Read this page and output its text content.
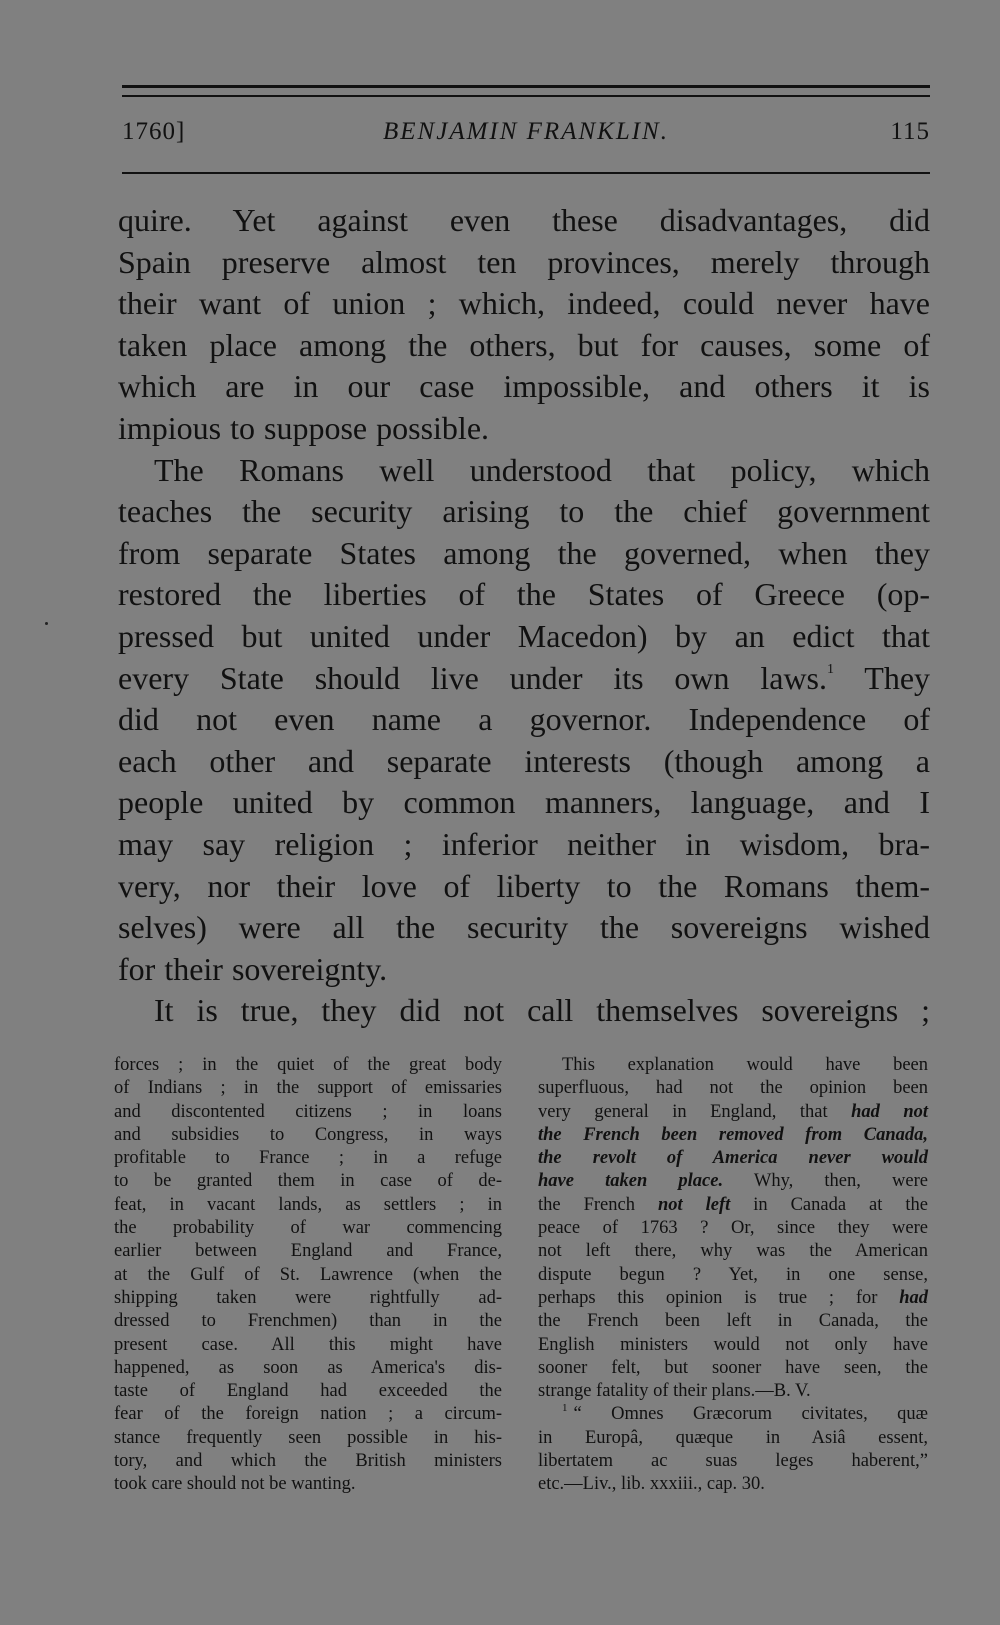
1760]	BENJAMIN FRANKLIN.	115
quire. Yet against even these disadvantages, did
Spain preserve almost ten provinces, merely through
their want of union ; which, indeed, could never have
taken place among the others, but for causes, some of
which are in our case impossible, and others it is
impious to suppose possible.
The Romans well understood that policy, which
teaches the security arising to the chief government
from separate States among the governed, when they
restored the liberties of the States of Greece (op-
pressed but united under Macedon) by an edict that
every State should live under its own laws.$^1$ They
did not even name a governor. Independence of
each other and separate interests (though among a
people united by common manners, language, and I
may say religion ; inferior neither in wisdom, bra-
very, nor their love of liberty to the Romans them-
selves) were all the security the sovereigns wished
for their sovereignty.
It is true, they did not call themselves sovereigns ;
forces ; in the quiet of the great body
of Indians ; in the support of emissaries
and discontented citizens ; in loans
and subsidies to Congress, in ways
profitable to France ; in a refuge
to be granted them in case of de-
feat, in vacant lands, as settlers ; in
the probability of war commencing
earlier between England and France,
at the Gulf of St. Lawrence (when the
shipping taken were rightfully ad-
dressed to Frenchmen) than in the
present case. All this might have
happened, as soon as America's dis-
taste of England had exceeded the
fear of the foreign nation ; a circum-
stance frequently seen possible in his-
tory, and which the British ministers
took care should not be wanting.
This explanation would have been
superfluous, had not the opinion been
very general in England, that had not
the French been removed from Canada,
the revolt of America never would
have taken place. Why, then, were
the French not left in Canada at the
peace of 1763 ? Or, since they were
not left there, why was the American
dispute begun ? Yet, in one sense,
perhaps this opinion is true ; for had
the French been left in Canada, the
English ministers would not only have
sooner felt, but sooner have seen, the
strange fatality of their plans.—B. V.
$^1$ “ Omnes Græcorum civitates, quæ
in Europâ, quæque in Asiâ essent,
libertatem ac suas leges haberent,”
etc.—Liv., lib. xxxiii., cap. 30.
